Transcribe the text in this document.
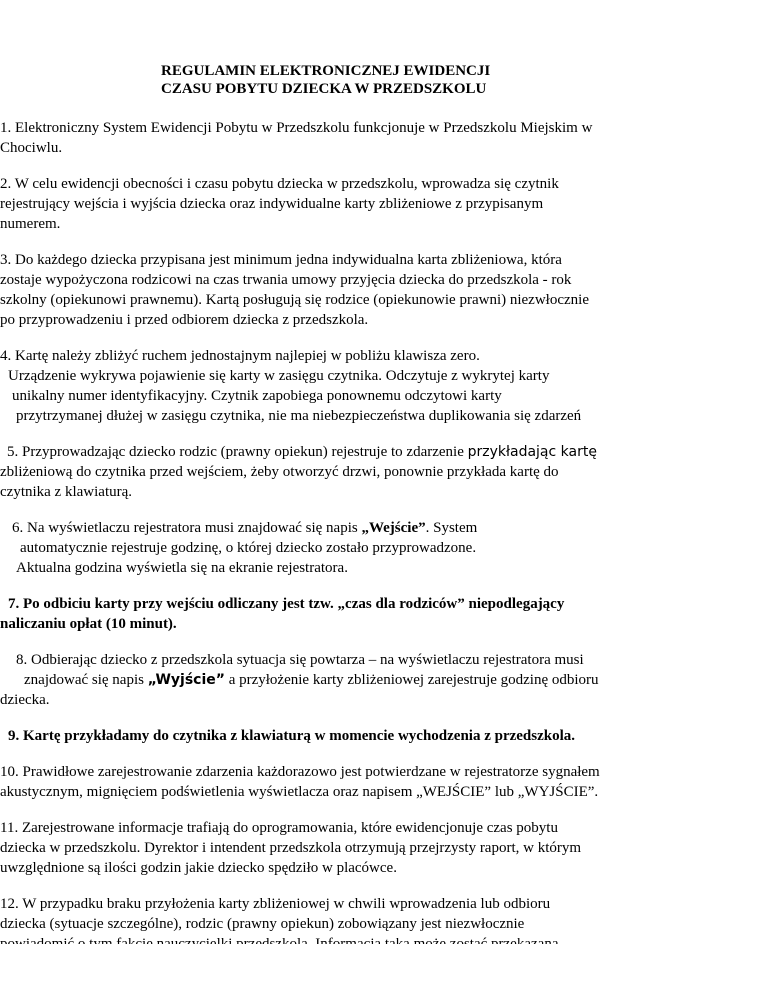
REGULAMIN ELEKTRONICZNEJ EWIDENCJI
CZASU POBYTU DZIECKA W PRZEDSZKOLU
1. Elektroniczny System Ewidencji Pobytu w Przedszkolu funkcjonuje w Przedszkolu Miejskim w
Chociwlu.
2. W celu ewidencji obecności i czasu pobytu dziecka w przedszkolu, wprowadza się czytnik
rejestrujący wejścia i wyjścia dziecka oraz indywidualne karty zbliżeniowe z przypisanym
numerem.
3. Do każdego dziecka przypisana jest minimum jedna indywidualna karta zbliżeniowa, która
zostaje wypożyczona rodzicowi na czas trwania umowy przyjęcia dziecka do przedszkola - rok
szkolny (opiekunowi prawnemu). Kartą posługują się rodzice (opiekunowie prawni) niezwłocznie
po przyprowadzeniu i przed odbiorem dziecka z przedszkola.
4. Kartę należy zbliżyć ruchem jednostajnym najlepiej w pobliżu klawisza zero.
Urządzenie wykrywa pojawienie się karty w zasięgu czytnika. Odczytuje z wykrytej karty
unikalny numer identyfikacyjny. Czytnik zapobiega ponownemu odczytowi karty
przytrzymanej dłużej w zasięgu czytnika, nie ma niebezpieczeństwa duplikowania się zdarzeń
5. Przyprowadzając dziecko rodzic (prawny opiekun) rejestruje to zdarzenie przykładając kartę
zbliżeniową do czytnika przed wejściem, żeby otworzyć drzwi, ponownie przykłada kartę do
czytnika z klawiaturą.
6. Na wyświetlaczu rejestratora musi znajdować się napis „Wejście”. System
automatycznie rejestruje godzinę, o której dziecko zostało przyprowadzone.
Aktualna godzina wyświetla się na ekranie rejestratora.
7. Po odbiciu karty przy wejściu odliczany jest tzw. „czas dla rodziców” niepodlegający
naliczaniu opłat (10 minut).
8. Odbierając dziecko z przedszkola sytuacja się powtarza – na wyświetlaczu rejestratora musi
znajdować się napis „Wyjście” a przyłożenie karty zbliżeniowej zarejestruje godzinę odbioru
dziecka.
9. Kartę przykładamy do czytnika z klawiaturą w momencie wychodzenia z przedszkola.
10. Prawidłowe zarejestrowanie zdarzenia każdorazowo jest potwierdzane w rejestratorze sygnałem
akustycznym, mignięciem podświetlenia wyświetlacza oraz napisem „WEJŚCIE” lub „WYJŚCIE”.
11. Zarejestrowane informacje trafiają do oprogramowania, które ewidencjonuje czas pobytu
dziecka w przedszkolu. Dyrektor i intendent przedszkola otrzymują przejrzysty raport, w którym
uwzględnione są ilości godzin jakie dziecko spędziło w placówce.
12. W przypadku braku przyłożenia karty zbliżeniowej w chwili wprowadzenia lub odbioru
dziecka (sytuacje szczególne), rodzic (prawny opiekun) zobowiązany jest niezwłocznie
